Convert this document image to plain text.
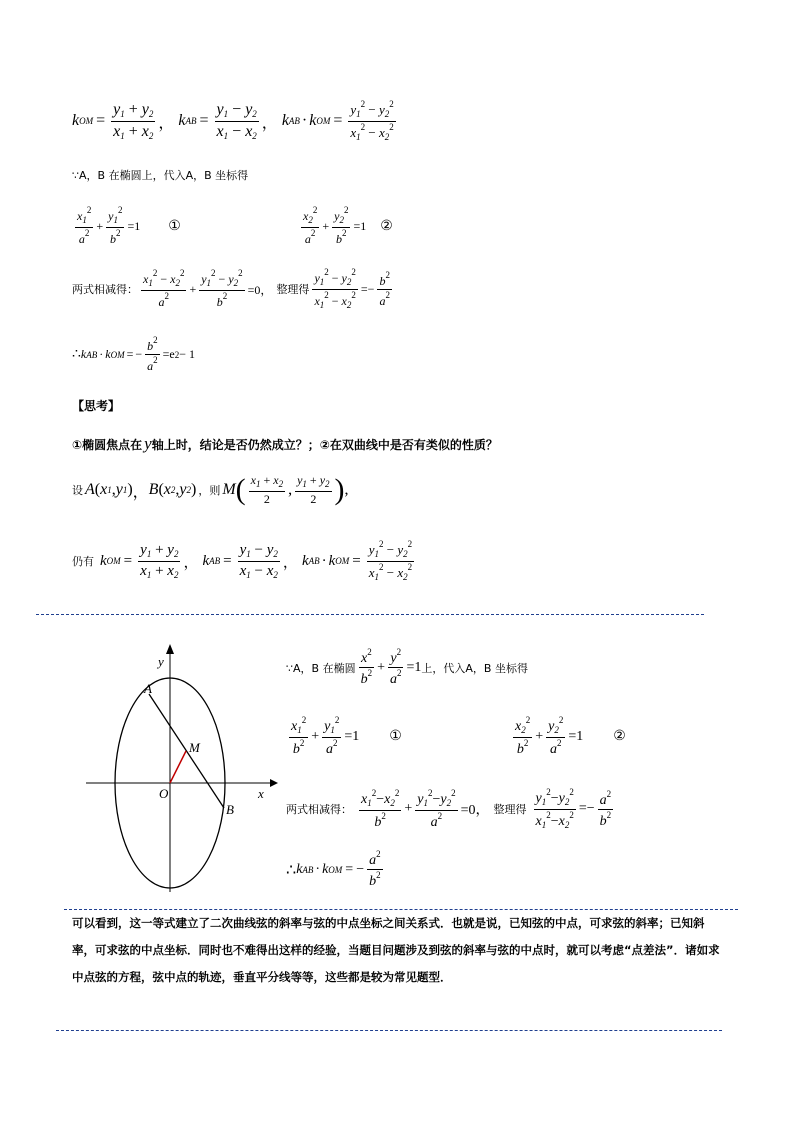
k OM = $\frac{y_1 + y_2}{x_1 + x_2}$ ， k AB = $\frac{y_1 - y_2}{x_1 - x_2}$ ， k AB · k OM = $\frac{y_1^2 - y_2^2}{x_1^2 - x_2^2}$
∵A，B 在椭圆上，代入A，B 坐标得
$\frac{x_1^2}{a^2} + \frac{y_1^2}{b^2} =1$ ①	$\frac{x_2^2}{a^2} + \frac{y_2^2}{b^2} =1$ ②
两式相减得： $\frac{x_1^2 - x_2^2}{a^2} + \frac{y_1^2 - y_2^2}{b^2} =0$， 整理得 $\frac{y_1^2 - y_2^2}{x_1^2 - x_2^2}$ = − $\frac{b^2}{a^2}$
∴ k AB · k OM = − $\frac{b^2}{a^2} =e$ 2 − 1
【思考】
①椭圆焦点在 y 轴上时，结论是否仍然成立？；②在双曲线中是否有类似的性质？
设 A ( x 1 , y 1 ) ， B ( x 2 , y 2 ) ，则 M ( $\frac{x_1 + x_2}{2}$ , $\frac{y_1 + y_2}{2}$ ) ,
仍有 k OM = $\frac{y_1 + y_2}{x_1 + x_2}$ ， k AB = $\frac{y_1 - y_2}{x_1 - x_2}$ ， k AB · k OM = $\frac{y_1^2 - y_2^2}{x_1^2 - x_2^2}$
y
x
O
A
B
M
∵A，B 在椭圆 $\frac{x^2}{b^2} + \frac{y^2}{a^2} =1$ 上，代入A，B 坐标得
$\frac{x_1^2}{b^2} + \frac{y_1^2}{a^2} =1$ ①	$\frac{x_2^2}{b^2} + \frac{y_2^2}{a^2} =1$ ②
两式相减得： $\frac{x_1^2-x_2^2}{b^2} + \frac{y_1^2-y_2^2}{a^2} =0$， 整理得 $\frac{y_1^2-y_2^2}{x_1^2-x_2^2}$ = − $\frac{a^2}{b^2}$
∴ k AB · k OM = − $\frac{a^2}{b^2}$
可以看到，这一等式建立了二次曲线弦的斜率与弦的中点坐标之间关系式．也就是说，已知弦的中点，可求弦的斜率；已知斜率，可求弦的中点坐标．同时也不难得出这样的经验，当题目问题涉及到弦的斜率与弦的中点时，就可以考虑“点差法”．诸如求中点弦的方程，弦中点的轨迹，垂直平分线等等，这些都是较为常见题型．
